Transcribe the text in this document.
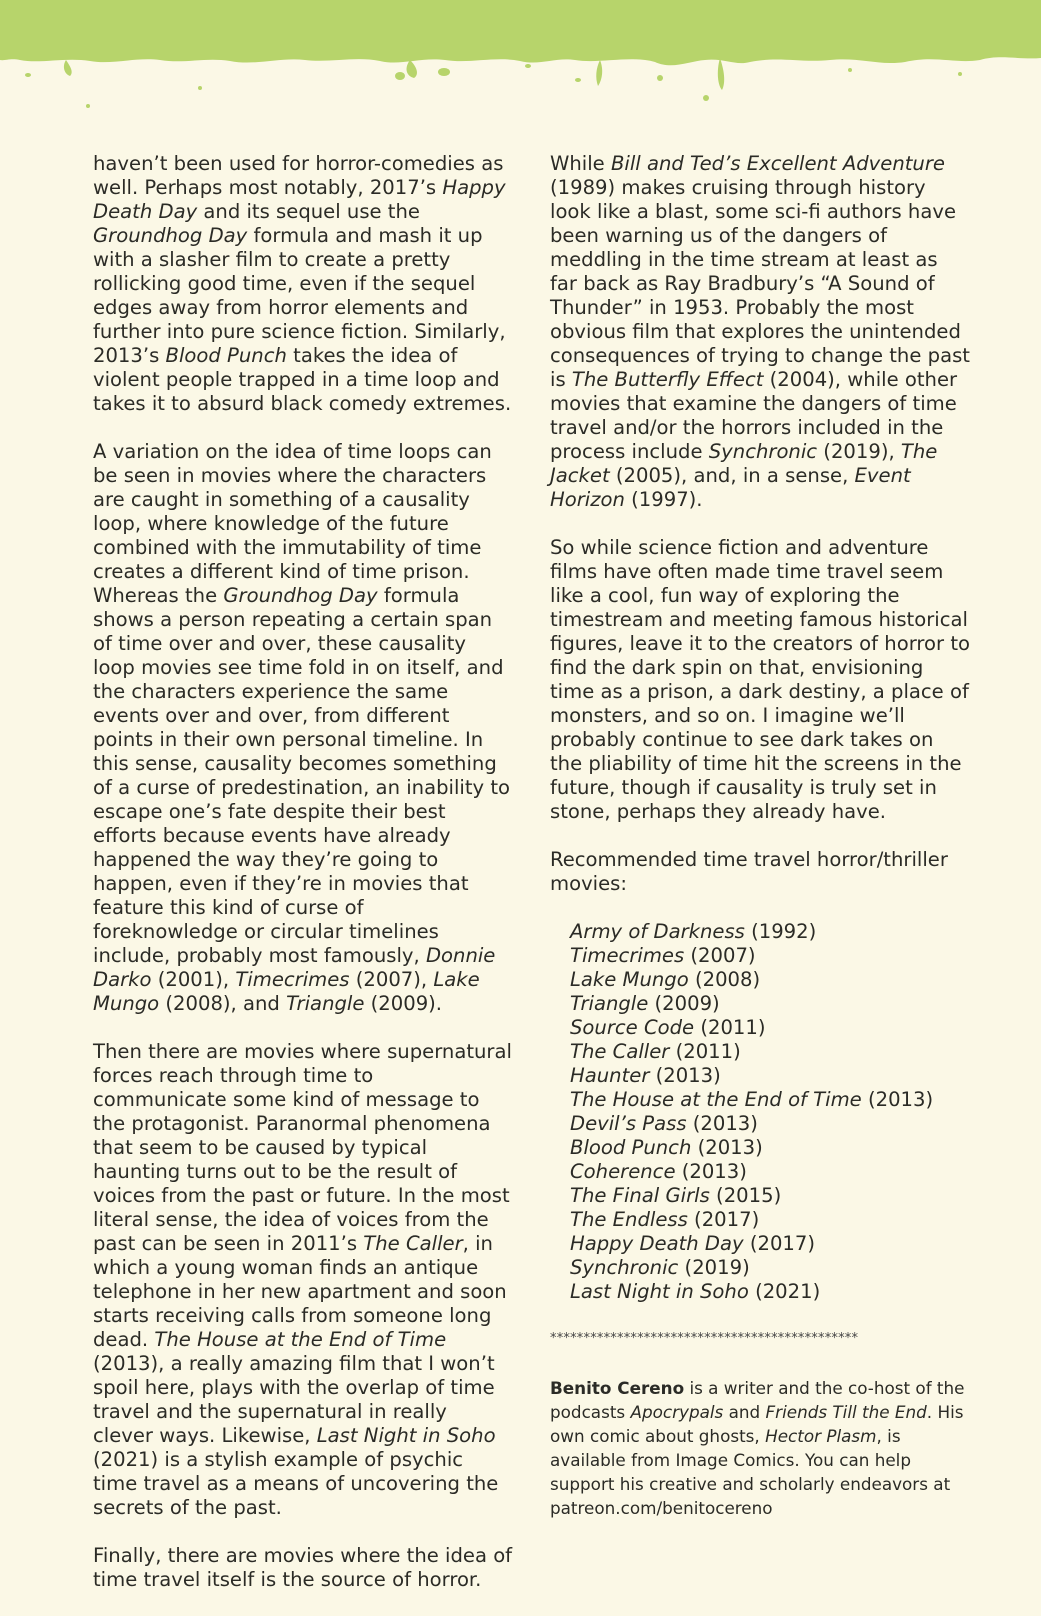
haven’t been used for horror-comedies as well. Perhaps most notably, 2017’s Happy Death Day and its sequel use the Groundhog Day formula and mash it up with a slasher film to create a pretty rollicking good time, even if the sequel edges away from horror elements and further into pure science fiction. Similarly, 2013’s Blood Punch takes the idea of violent people trapped in a time loop and takes it to absurd black comedy extremes.

A variation on the idea of time loops can be seen in movies where the characters are caught in something of a causality loop, where knowledge of the future combined with the immutability of time creates a different kind of time prison. Whereas the Groundhog Day formula shows a person repeating a certain span of time over and over, these causality loop movies see time fold in on itself, and the characters experience the same events over and over, from different points in their own personal timeline. In this sense, causality becomes something of a curse of predestination, an inability to escape one’s fate despite their best efforts because events have already happened the way they’re going to happen, even if they’re in movies that feature this kind of curse of foreknowledge or circular timelines include, probably most famously, Donnie Darko (2001), Timecrimes (2007), Lake Mungo (2008), and Triangle (2009).

Then there are movies where supernatural forces reach through time to communicate some kind of message to the protagonist. Paranormal phenomena that seem to be caused by typical haunting turns out to be the result of voices from the past or future. In the most literal sense, the idea of voices from the past can be seen in 2011’s The Caller, in which a young woman finds an antique telephone in her new apartment and soon starts receiving calls from someone long dead. The House at the End of Time (2013), a really amazing film that I won’t spoil here, plays with the overlap of time travel and the supernatural in really clever ways. Likewise, Last Night in Soho (2021) is a stylish example of psychic time travel as a means of uncovering the secrets of the past.

Finally, there are movies where the idea of time travel itself is the source of horror.

While Bill and Ted’s Excellent Adventure (1989) makes cruising through history look like a blast, some sci-fi authors have been warning us of the dangers of meddling in the time stream at least as far back as Ray Bradbury’s “A Sound of Thunder” in 1953. Probably the most obvious film that explores the unintended consequences of trying to change the past is The Butterfly Effect (2004), while other movies that examine the dangers of time travel and/or the horrors included in the process include Synchronic (2019), The Jacket (2005), and, in a sense, Event Horizon (1997).

So while science fiction and adventure films have often made time travel seem like a cool, fun way of exploring the timestream and meeting famous historical figures, leave it to the creators of horror to find the dark spin on that, envisioning time as a prison, a dark destiny, a place of monsters, and so on. I imagine we’ll probably continue to see dark takes on the pliability of time hit the screens in the future, though if causality is truly set in stone, perhaps they already have.

Recommended time travel horror/thriller movies:

Army of Darkness (1992)
Timecrimes (2007)
Lake Mungo (2008)
Triangle (2009)
Source Code (2011)
The Caller (2011)
Haunter (2013)
The House at the End of Time (2013)
Devil’s Pass (2013)
Blood Punch (2013)
Coherence (2013)
The Final Girls (2015)
The Endless (2017)
Happy Death Day (2017)
Synchronic (2019)
Last Night in Soho (2021)
**********************************************

Benito Cereno is a writer and the co-host of the podcasts Apocrypals and Friends Till the End. His own comic about ghosts, Hector Plasm, is available from Image Comics. You can help support his creative and scholarly endeavors at patreon.com/benitocereno
